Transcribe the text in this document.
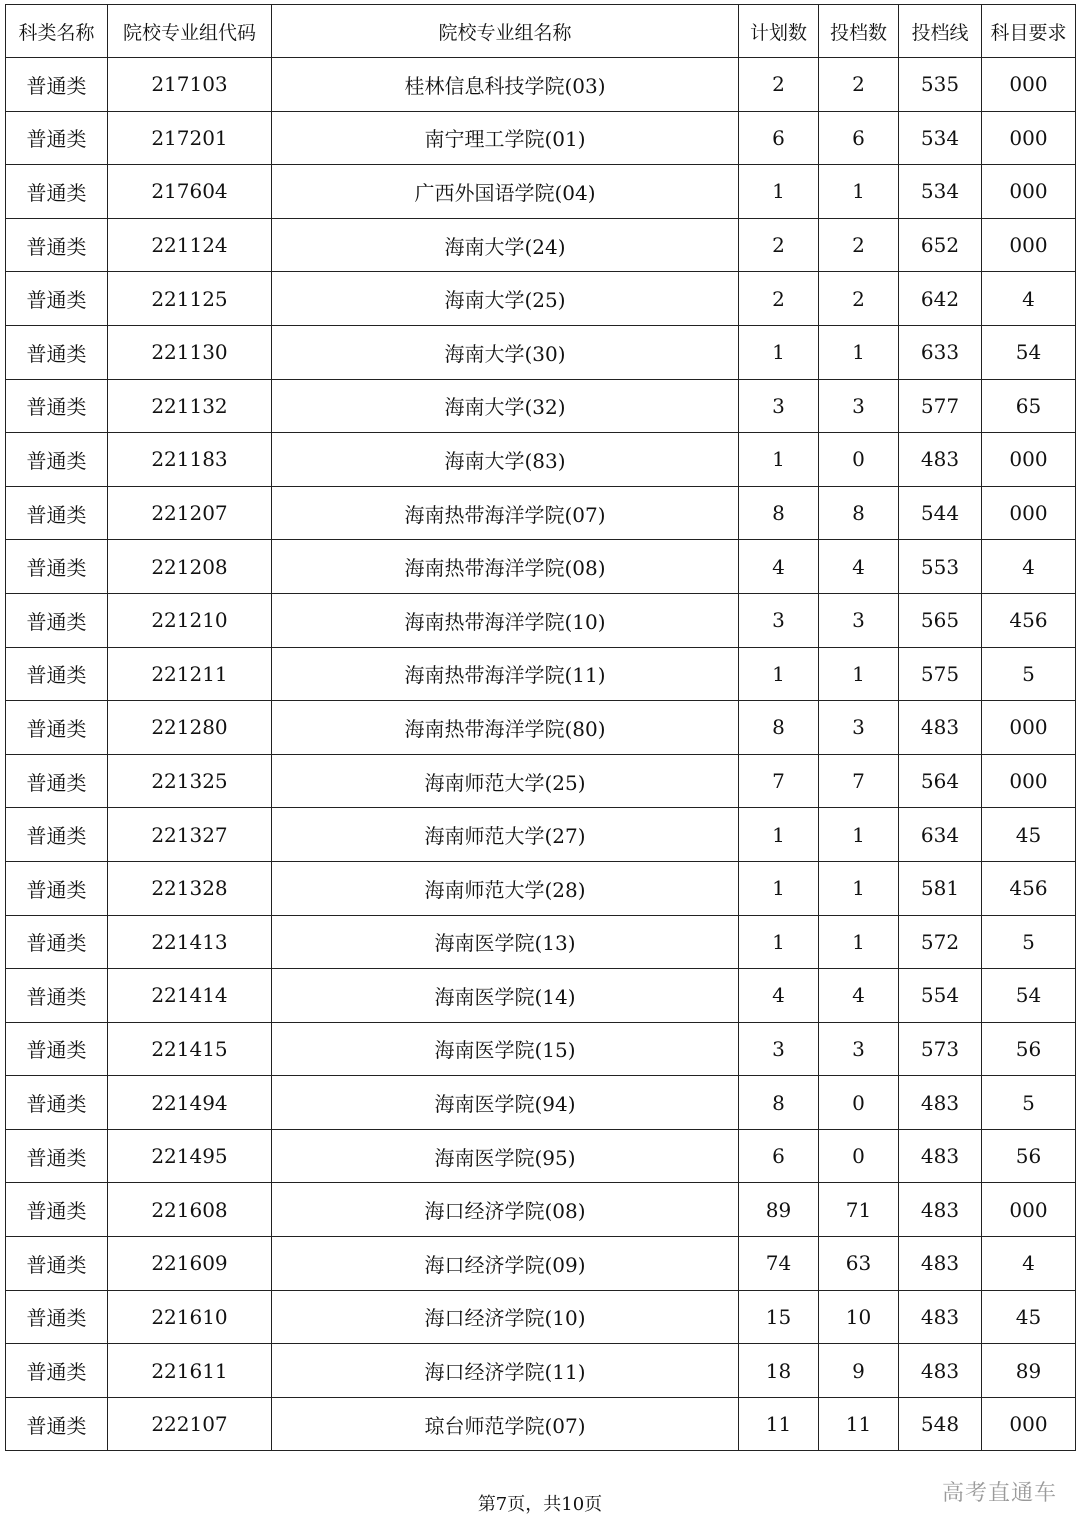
科类名称	院校专业组代码	院校专业组名称	计划数	投档数	投档线	科目要求
普通类	217103	桂林信息科技学院(03)	2	2	535	000
普通类	217201	南宁理工学院(01)	6	6	534	000
普通类	217604	广西外国语学院(04)	1	1	534	000
普通类	221124	海南大学(24)	2	2	652	000
普通类	221125	海南大学(25)	2	2	642	4
普通类	221130	海南大学(30)	1	1	633	54
普通类	221132	海南大学(32)	3	3	577	65
普通类	221183	海南大学(83)	1	0	483	000
普通类	221207	海南热带海洋学院(07)	8	8	544	000
普通类	221208	海南热带海洋学院(08)	4	4	553	4
普通类	221210	海南热带海洋学院(10)	3	3	565	456
普通类	221211	海南热带海洋学院(11)	1	1	575	5
普通类	221280	海南热带海洋学院(80)	8	3	483	000
普通类	221325	海南师范大学(25)	7	7	564	000
普通类	221327	海南师范大学(27)	1	1	634	45
普通类	221328	海南师范大学(28)	1	1	581	456
普通类	221413	海南医学院(13)	1	1	572	5
普通类	221414	海南医学院(14)	4	4	554	54
普通类	221415	海南医学院(15)	3	3	573	56
普通类	221494	海南医学院(94)	8	0	483	5
普通类	221495	海南医学院(95)	6	0	483	56
普通类	221608	海口经济学院(08)	89	71	483	000
普通类	221609	海口经济学院(09)	74	63	483	4
普通类	221610	海口经济学院(10)	15	10	483	45
普通类	221611	海口经济学院(11)	18	9	483	89
普通类	222107	琼台师范学院(07)	11	11	548	000
第7页，共10页	高考直通车
